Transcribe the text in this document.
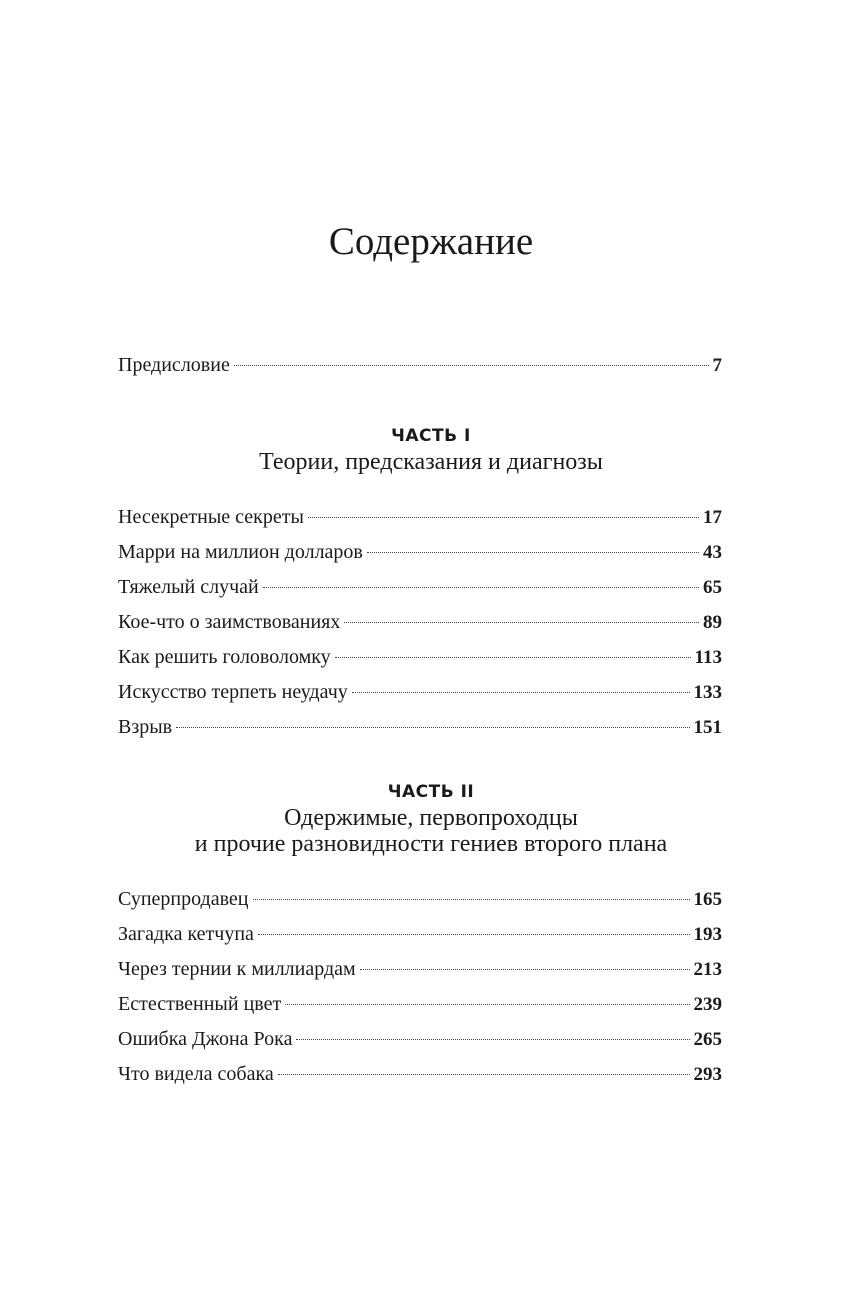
Содержание
Предисловие	7
ЧАСТЬ I
Теории, предсказания и диагнозы
Несекретные секреты	17
Марри на миллион долларов	43
Тяжелый случай	65
Кое-что о заимствованиях	89
Как решить головоломку	113
Искусство терпеть неудачу	133
Взрыв	151
ЧАСТЬ II
Одержимые, первопроходцы
и прочие разновидности гениев второго плана
Суперпродавец	165
Загадка кетчупа	193
Через тернии к миллиардам	213
Естественный цвет	239
Ошибка Джона Рока	265
Что видела собака	293
